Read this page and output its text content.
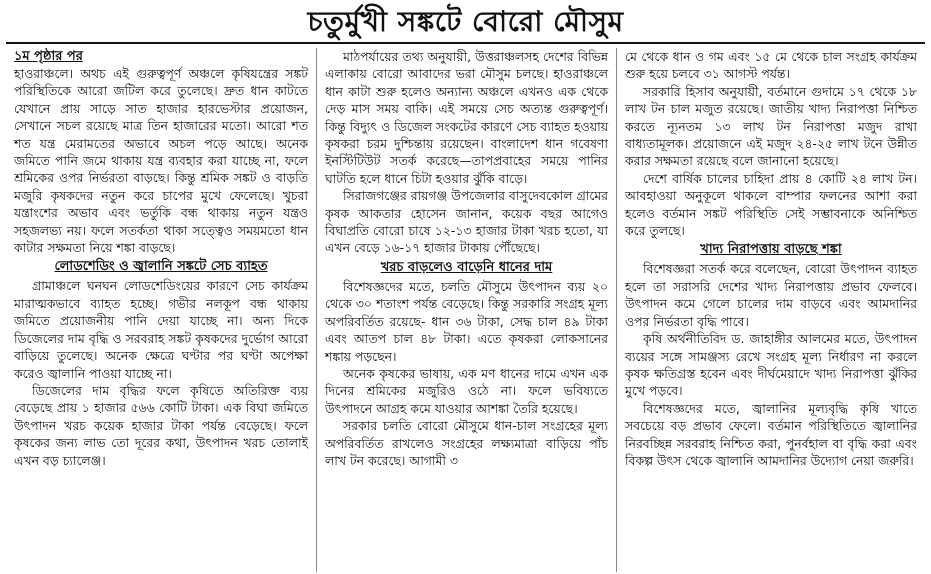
চতুর্মুখী সঙ্কটে বোরো মৌসুম
১ম পৃষ্ঠার পর

হাওরাঞ্চলে। অথচ এই গুরুত্বপূর্ণ অঞ্চলে কৃষিযন্ত্রের সঙ্কট পরিস্থিতিকে আরো জটিল করে তুলেছে। দ্রুত ধান কাটতে যেখানে প্রায় সাড়ে সাত হাজার হারভেস্টার প্রয়োজন, সেখানে সচল রয়েছে মাত্র তিন হাজারের মতো। আরো শত শত যন্ত্র মেরামতের অভাবে অচল পড়ে আছে। অনেক জমিতে পানি জমে থাকায় যন্ত্র ব্যবহার করা যাচ্ছে না, ফলে শ্রমিকের ওপর নির্ভরতা বাড়ছে। কিন্তু শ্রমিক সঙ্কট ও বাড়তি মজুরি কৃষকদের নতুন করে চাপের মুখে ফেলেছে। খুচরা যন্ত্রাংশের অভাব এবং ভর্তুকি বন্ধ থাকায় নতুন যন্ত্রও সহজলভ্য নয়। ফলে সতর্কতা থাকা সত্ত্বেও সময়মতো ধান কাটার সক্ষমতা নিয়ে শঙ্কা বাড়ছে।

লোডশেডিং ও জ্বালানি সঙ্কটে সেচ ব্যাহত

গ্রামাঞ্চলে ঘনঘন লোডশেডিংয়ের কারণে সেচ কার্যক্রম মারাত্মকভাবে ব্যাহত হচ্ছে। গভীর নলকূপ বন্ধ থাকায় জমিতে প্রয়োজনীয় পানি দেয়া যাচ্ছে না। অন্য দিকে ডিজেলের দাম বৃদ্ধি ও সরবরাহ সঙ্কট কৃষকদের দুর্ভোগ আরো বাড়িয়ে তুলেছে। অনেক ক্ষেত্রে ঘণ্টার পর ঘণ্টা অপেক্ষা করেও জ্বালানি পাওয়া যাচ্ছে না।

ডিজেলের দাম বৃদ্ধির ফলে কৃষিতে অতিরিক্ত ব্যয় বেড়েছে প্রায় ১ হাজার ৫৬৬ কোটি টাকা। এক বিঘা জমিতে উৎপাদন খরচ কয়েক হাজার টাকা পর্যন্ত বেড়েছে। ফলে কৃষকের জন্য লাভ তো দূরের কথা, উৎপাদন খরচ তোলাই এখন বড় চ্যালেঞ্জ।

মাঠপর্যায়ের তথ্য অনুযায়ী, উত্তরাঞ্চলসহ দেশের বিভিন্ন এলাকায় বোরো আবাদের ভরা মৌসুম চলছে। হাওরাঞ্চলে ধান কাটা শুরু হলেও অন্যান্য অঞ্চলে এখনও এক থেকে দেড় মাস সময় বাকি। এই সময়ে সেচ অত্যন্ত গুরুত্বপূর্ণ। কিন্তু বিদ্যুৎ ও ডিজেল সংকটের কারণে সেচ ব্যাহত হওয়ায় কৃষকরা চরম দুশ্চিন্তায় রয়েছেন। বাংলাদেশ ধান গবেষণা ইনস্টিটিউট সতর্ক করেছে—তাপপ্রবাহের সময়ে পানির ঘাটতি হলে ধানে চিটা হওয়ার ঝুঁকি বাড়ে।

সিরাজগঞ্জের রায়গঞ্জ উপজেলার বাসুদেবকোল গ্রামের কৃষক আকতার হোসেন জানান, কয়েক বছর আগেও বিঘাপ্রতি বোরো চাষে ১২-১৩ হাজার টাকা খরচ হতো, যা এখন বেড়ে ১৬-১৭ হাজার টাকায় পৌঁছেছে।

খরচ বাড়লেও বাড়েনি ধানের দাম

বিশেষজ্ঞদের মতে, চলতি মৌসুমে উৎপাদন ব্যয় ২০ থেকে ৩০ শতাংশ পর্যন্ত বেড়েছে। কিন্তু সরকারি সংগ্রহ মূল্য অপরিবর্তিত রয়েছে- ধান ৩৬ টাকা, সেদ্ধ চাল ৪৯ টাকা এবং আতপ চাল ৪৮ টাকা। এতে কৃষকরা লোকসানের শঙ্কায় পড়ছেন।

অনেক কৃষকের ভাষায়, এক মণ ধানের দামে এখন এক দিনের শ্রমিকের মজুরিও ওঠে না। ফলে ভবিষ্যতে উৎপাদনে আগ্রহ কমে যাওয়ার আশঙ্কা তৈরি হয়েছে।

সরকার চলতি বোরো মৌসুমে ধান-চাল সংগ্রহের মূল্য অপরিবর্তিত রাখলেও সংগ্রহের লক্ষ্যমাত্রা বাড়িয়ে পাঁচ লাখ টন করেছে। আগামী ৩

মে থেকে ধান ও গম এবং ১৫ মে থেকে চাল সংগ্রহ কার্যক্রম শুরু হয়ে চলবে ৩১ আগস্ট পর্যন্ত।

সরকারি হিসাব অনুযায়ী, বর্তমানে গুদামে ১৭ থেকে ১৮ লাখ টন চাল মজুত রয়েছে। জাতীয় খাদ্য নিরাপত্তা নিশ্চিত করতে ন্যূনতম ১৩ লাখ টন নিরাপত্তা মজুদ রাখা বাধ্যতামূলক। প্রয়োজনে এই মজুদ ২৪-২৫ লাখ টনে উন্নীত করার সক্ষমতা রয়েছে বলে জানানো হয়েছে।

দেশে বার্ষিক চালের চাহিদা প্রায় ৪ কোটি ২৪ লাখ টন। আবহাওয়া অনুকূলে থাকলে বাম্পার ফলনের আশা করা হলেও বর্তমান সঙ্কট পরিস্থিতি সেই সম্ভাবনাকে অনিশ্চিত করে তুলছে।

খাদ্য নিরাপত্তায় বাড়ছে শঙ্কা

বিশেষজ্ঞরা সতর্ক করে বলেছেন, বোরো উৎপাদন ব্যাহত হলে তা সরাসরি দেশের খাদ্য নিরাপত্তায় প্রভাব ফেলবে। উৎপাদন কমে গেলে চালের দাম বাড়বে এবং আমদানির ওপর নির্ভরতা বৃদ্ধি পাবে।

কৃষি অর্থনীতিবিদ ড. জাহাঙ্গীর আলমের মতে, উৎপাদন ব্যয়ের সঙ্গে সামঞ্জস্য রেখে সংগ্রহ মূল্য নির্ধারণ না করলে কৃষক ক্ষতিগ্রস্ত হবেন এবং দীর্ঘমেয়াদে খাদ্য নিরাপত্তা ঝুঁকির মুখে পড়বে।

বিশেষজ্ঞদের মতে, জ্বালানির মূল্যবৃদ্ধি কৃষি খাতে সবচেয়ে বড় প্রভাব ফেলে। বর্তমান পরিস্থিতিতে জ্বালানির নিরবচ্ছিন্ন সরবরাহ নিশ্চিত করা, পুনর্বহাল বা বৃদ্ধি করা এবং বিকল্প উৎস থেকে জ্বালানি আমদানির উদ্যোগ নেয়া জরুরি।
